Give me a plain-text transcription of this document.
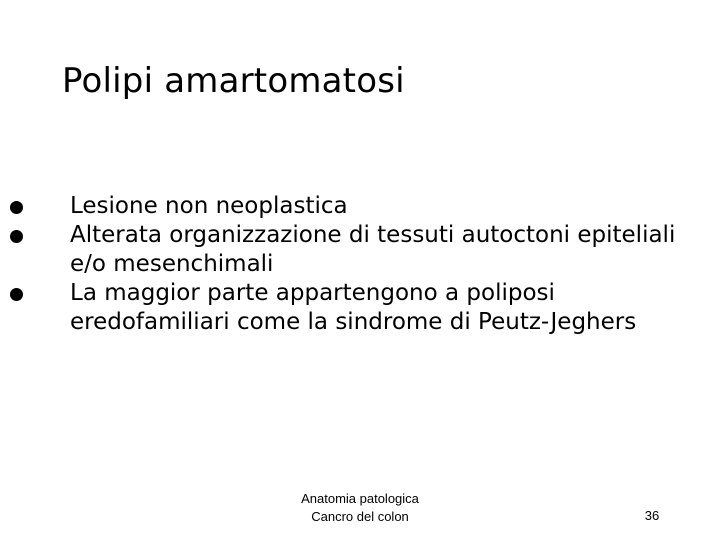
Polipi amartomatosi
Lesione non neoplastica
Alterata organizzazione di tessuti autoctoni epiteliali e/o mesenchimali
La maggior parte appartengono a poliposi eredofamiliari come la sindrome di Peutz-Jeghers
Anatomia patologica
Cancro del colon	36
